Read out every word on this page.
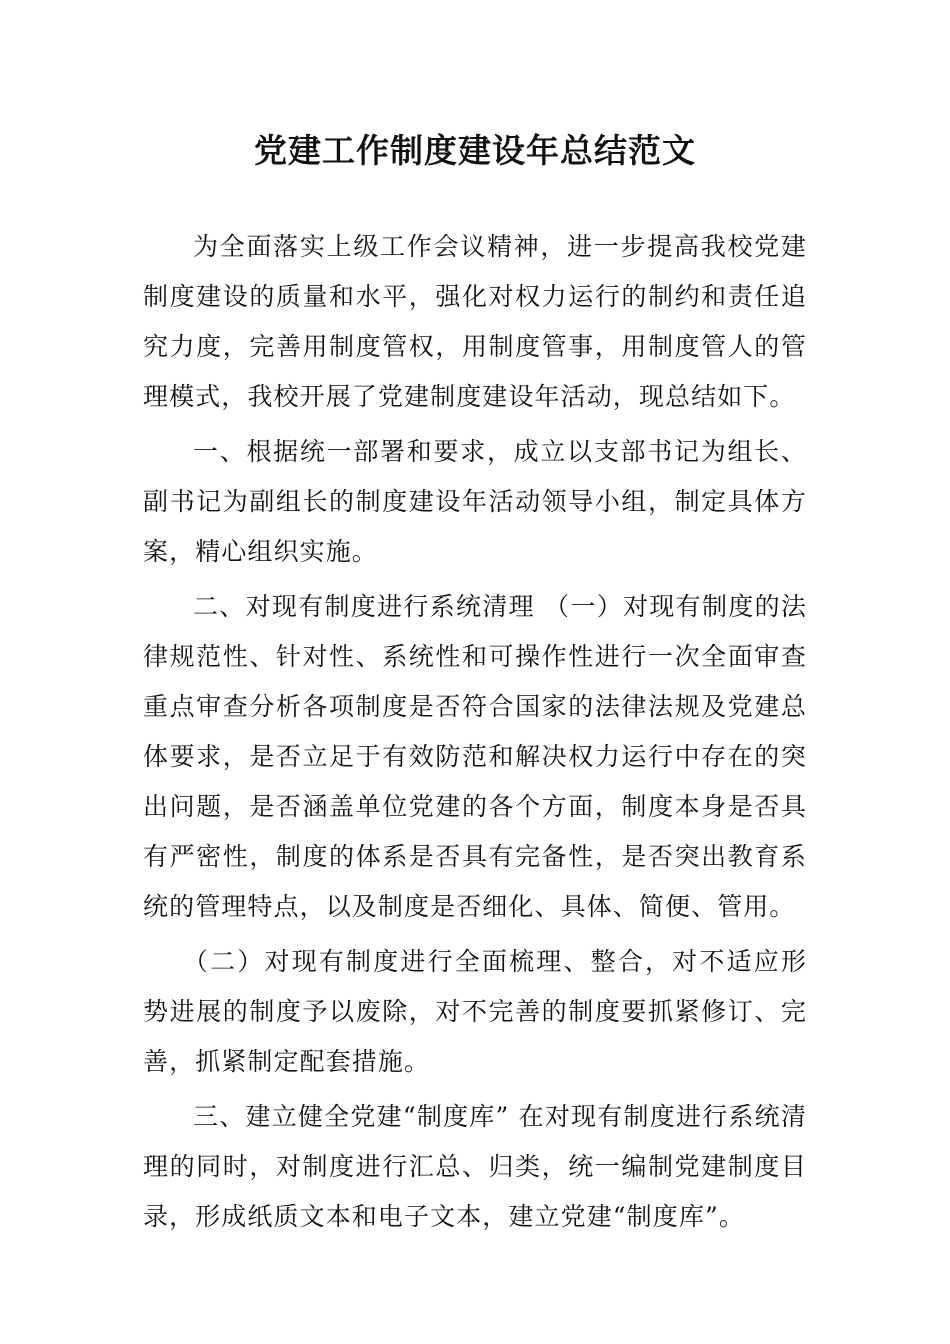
党建工作制度建设年总结范文

为全面落实上级工作会议精神，进一步提高我校党建制度建设的质量和水平，强化对权力运行的制约和责任追究力度，完善用制度管权，用制度管事，用制度管人的管理模式，我校开展了党建制度建设年活动，现总结如下。

一、根据统一部署和要求，成立以支部书记为组长、副书记为副组长的制度建设年活动领导小组，制定具体方案，精心组织实施。

二、对现有制度进行系统清理 （一）对现有制度的法律规范性、针对性、系统性和可操作性进行一次全面审查重点审查分析各项制度是否符合国家的法律法规及党建总体要求，是否立足于有效防范和解决权力运行中存在的突出问题，是否涵盖单位党建的各个方面，制度本身是否具有严密性，制度的体系是否具有完备性，是否突出教育系统的管理特点，以及制度是否细化、具体、简便、管用。

（二）对现有制度进行全面梳理、整合，对不适应形势进展的制度予以废除，对不完善的制度要抓紧修订、完善，抓紧制定配套措施。

三、建立健全党建“制度库” 在对现有制度进行系统清理的同时，对制度进行汇总、归类，统一编制党建制度目录，形成纸质文本和电子文本，建立党建“制度库”。
